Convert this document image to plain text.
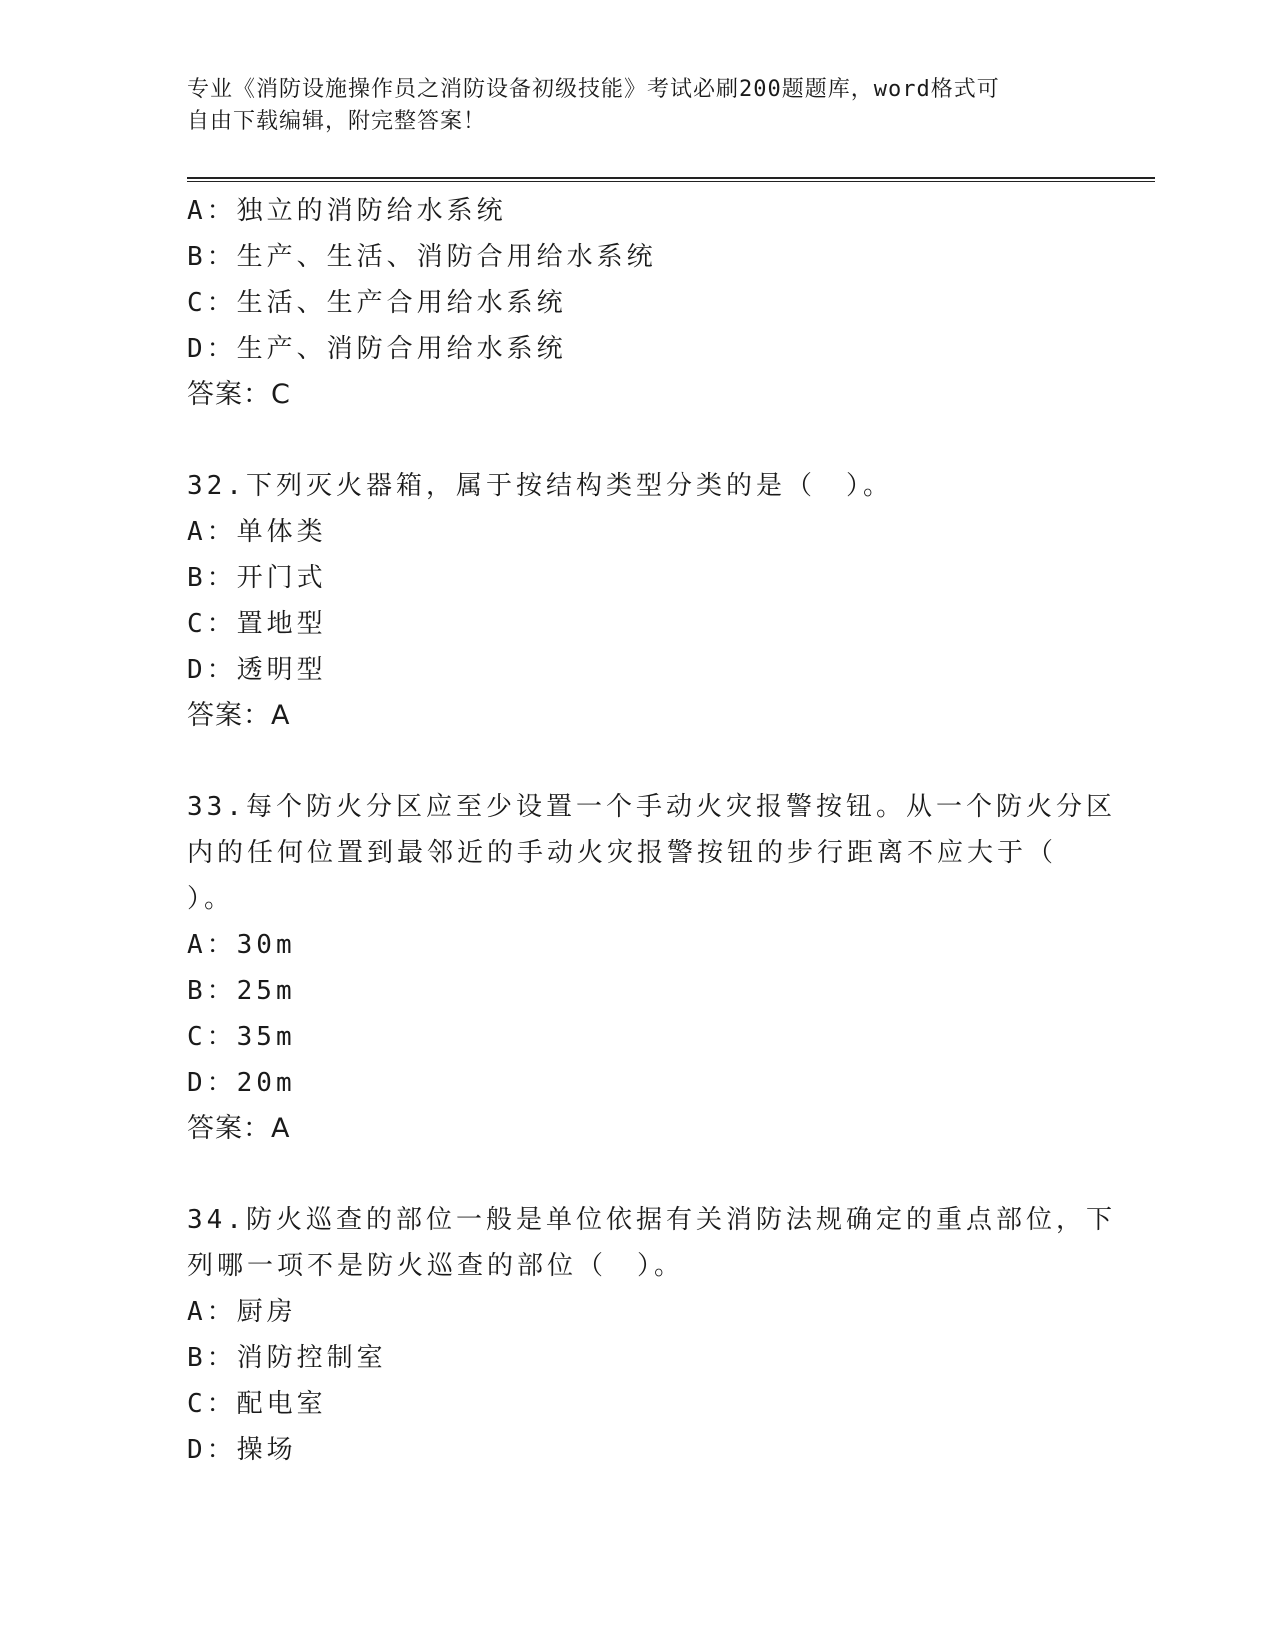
专业《消防设施操作员之消防设备初级技能》考试必刷200题题库，word格式可
自由下载编辑，附完整答案！
A：独立的消防给水系统
B：生产、生活、消防合用给水系统
C：生活、生产合用给水系统
D：生产、消防合用给水系统
答案：C
32.下列灭火器箱，属于按结构类型分类的是（　）。
A：单体类
B：开门式
C：置地型
D：透明型
答案：A
33.每个防火分区应至少设置一个手动火灾报警按钮。从一个防火分区
内的任何位置到最邻近的手动火灾报警按钮的步行距离不应大于（
）。
A：30m
B：25m
C：35m
D：20m
答案：A
34.防火巡查的部位一般是单位依据有关消防法规确定的重点部位，下
列哪一项不是防火巡查的部位（　）。
A：厨房
B：消防控制室
C：配电室
D：操场
